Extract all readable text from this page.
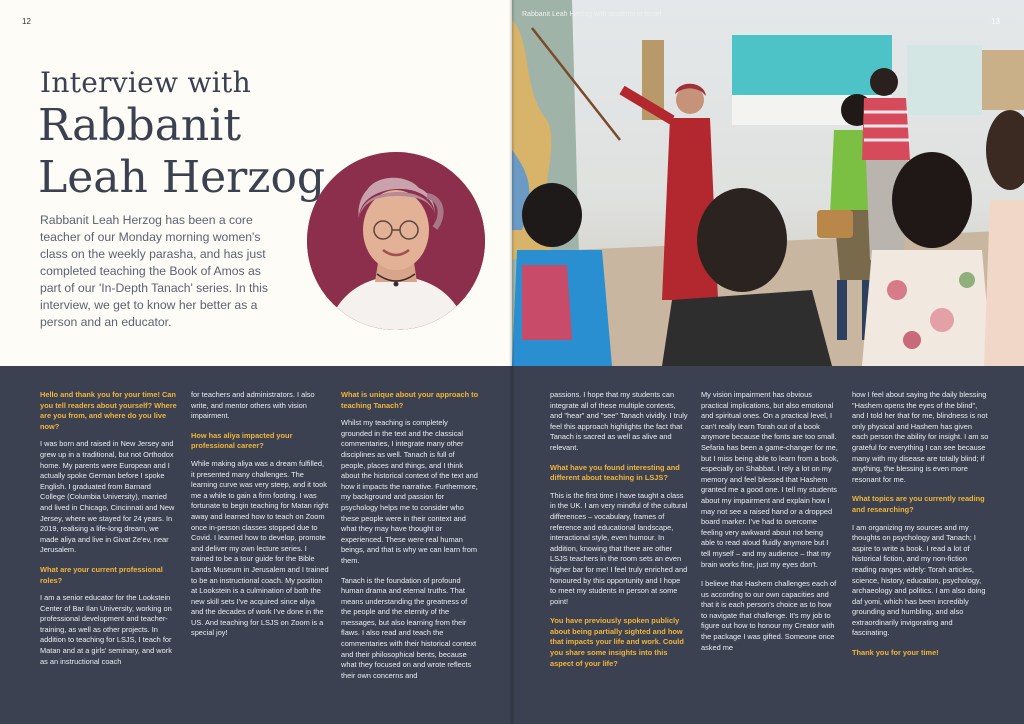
12
Interview with
Rabbanit
Leah Herzog
Rabbanit Leah Herzog has been a core teacher of our Monday morning women's class on the weekly parasha, and has just completed teaching the Book of Amos as part of our 'In-Depth Tanach' series. In this interview, we get to know her better as a person and an educator.
Rabbanit Leah Herzog with students in Israel
13

Hello and thank you for your time! Can you tell readers about yourself? Where are you from, and where do you live now?

I was born and raised in New Jersey and grew up in a traditional, but not Orthodox home. My parents were European and I actually spoke German before I spoke English. I graduated from Barnard College (Columbia University), married and lived in Chicago, Cincinnati and New Jersey, where we stayed for 24 years. In 2019, realising a life-long dream, we made aliya and live in Givat Ze'ev, near Jerusalem.

What are your current professional roles?

I am a senior educator for the Lookstein Center of Bar Ilan University, working on professional development and teacher-training, as well as other projects. In addition to teaching for LSJS, I teach for Matan and at a girls' seminary, and work as an instructional coach

for teachers and administrators. I also write, and mentor others with vision impairment.

How has aliya impacted your professional career?

While making aliya was a dream fulfilled, it presented many challenges. The learning curve was very steep, and it took me a while to gain a firm footing. I was fortunate to begin teaching for Matan right away and learned how to teach on Zoom once in-person classes stopped due to Covid. I learned how to develop, promote and deliver my own lecture series. I trained to be a tour guide for the Bible Lands Museum in Jerusalem and I trained to be an instructional coach. My position at Lookstein is a culmination of both the new skill sets I've acquired since aliya and the decades of work I've done in the US. And teaching for LSJS on Zoom is a special joy!

What is unique about your approach to teaching Tanach?

Whilst my teaching is completely grounded in the text and the classical commentaries, I integrate many other disciplines as well. Tanach is full of people, places and things, and I think about the historical context of the text and how it impacts the narrative. Furthermore, my background and passion for psychology helps me to consider who these people were in their context and what they may have thought or experienced. These were real human beings, and that is why we can learn from them.

Tanach is the foundation of profound human drama and eternal truths. That means understanding the greatness of the people and the eternity of the messages, but also learning from their flaws. I also read and teach the commentaries with their historical context and their philosophical bents, because what they focused on and wrote reflects their own concerns and

passions. I hope that my students can integrate all of these multiple contexts, and "hear" and "see" Tanach vividly. I truly feel this approach highlights the fact that Tanach is sacred as well as alive and relevant.

What have you found interesting and different about teaching in LSJS?

This is the first time I have taught a class in the UK. I am very mindful of the cultural differences – vocabulary, frames of reference and educational landscape, interactional style, even humour. In addition, knowing that there are other LSJS teachers in the room sets an even higher bar for me! I feel truly enriched and honoured by this opportunity and I hope to meet my students in person at some point!

You have previously spoken publicly about being partially sighted and how that impacts your life and work. Could you share some insights into this aspect of your life?

My vision impairment has obvious practical implications, but also emotional and spiritual ones. On a practical level, I can't really learn Torah out of a book anymore because the fonts are too small. Sefaria has been a game-changer for me, but I miss being able to learn from a book, especially on Shabbat. I rely a lot on my memory and feel blessed that Hashem granted me a good one. I tell my students about my impairment and explain how I may not see a raised hand or a dropped board marker. I've had to overcome feeling very awkward about not being able to read aloud fluidly anymore but I tell myself – and my audience – that my brain works fine, just my eyes don't.

I believe that Hashem challenges each of us according to our own capacities and that it is each person's choice as to how to navigate that challenge. It's my job to figure out how to honour my Creator with the package I was gifted. Someone once asked me

how I feel about saying the daily blessing "Hashem opens the eyes of the blind", and I told her that for me, blindness is not only physical and Hashem has given each person the ability for insight. I am so grateful for everything I can see because many with my disease are totally blind; if anything, the blessing is even more resonant for me.

What topics are you currently reading and researching?

I am organizing my sources and my thoughts on psychology and Tanach; I aspire to write a book. I read a lot of historical fiction, and my non-fiction reading ranges widely: Torah articles, science, history, education, psychology, archaeology and politics. I am also doing daf yomi, which has been incredibly grounding and humbling, and also extraordinarily invigorating and fascinating.

Thank you for your time!
